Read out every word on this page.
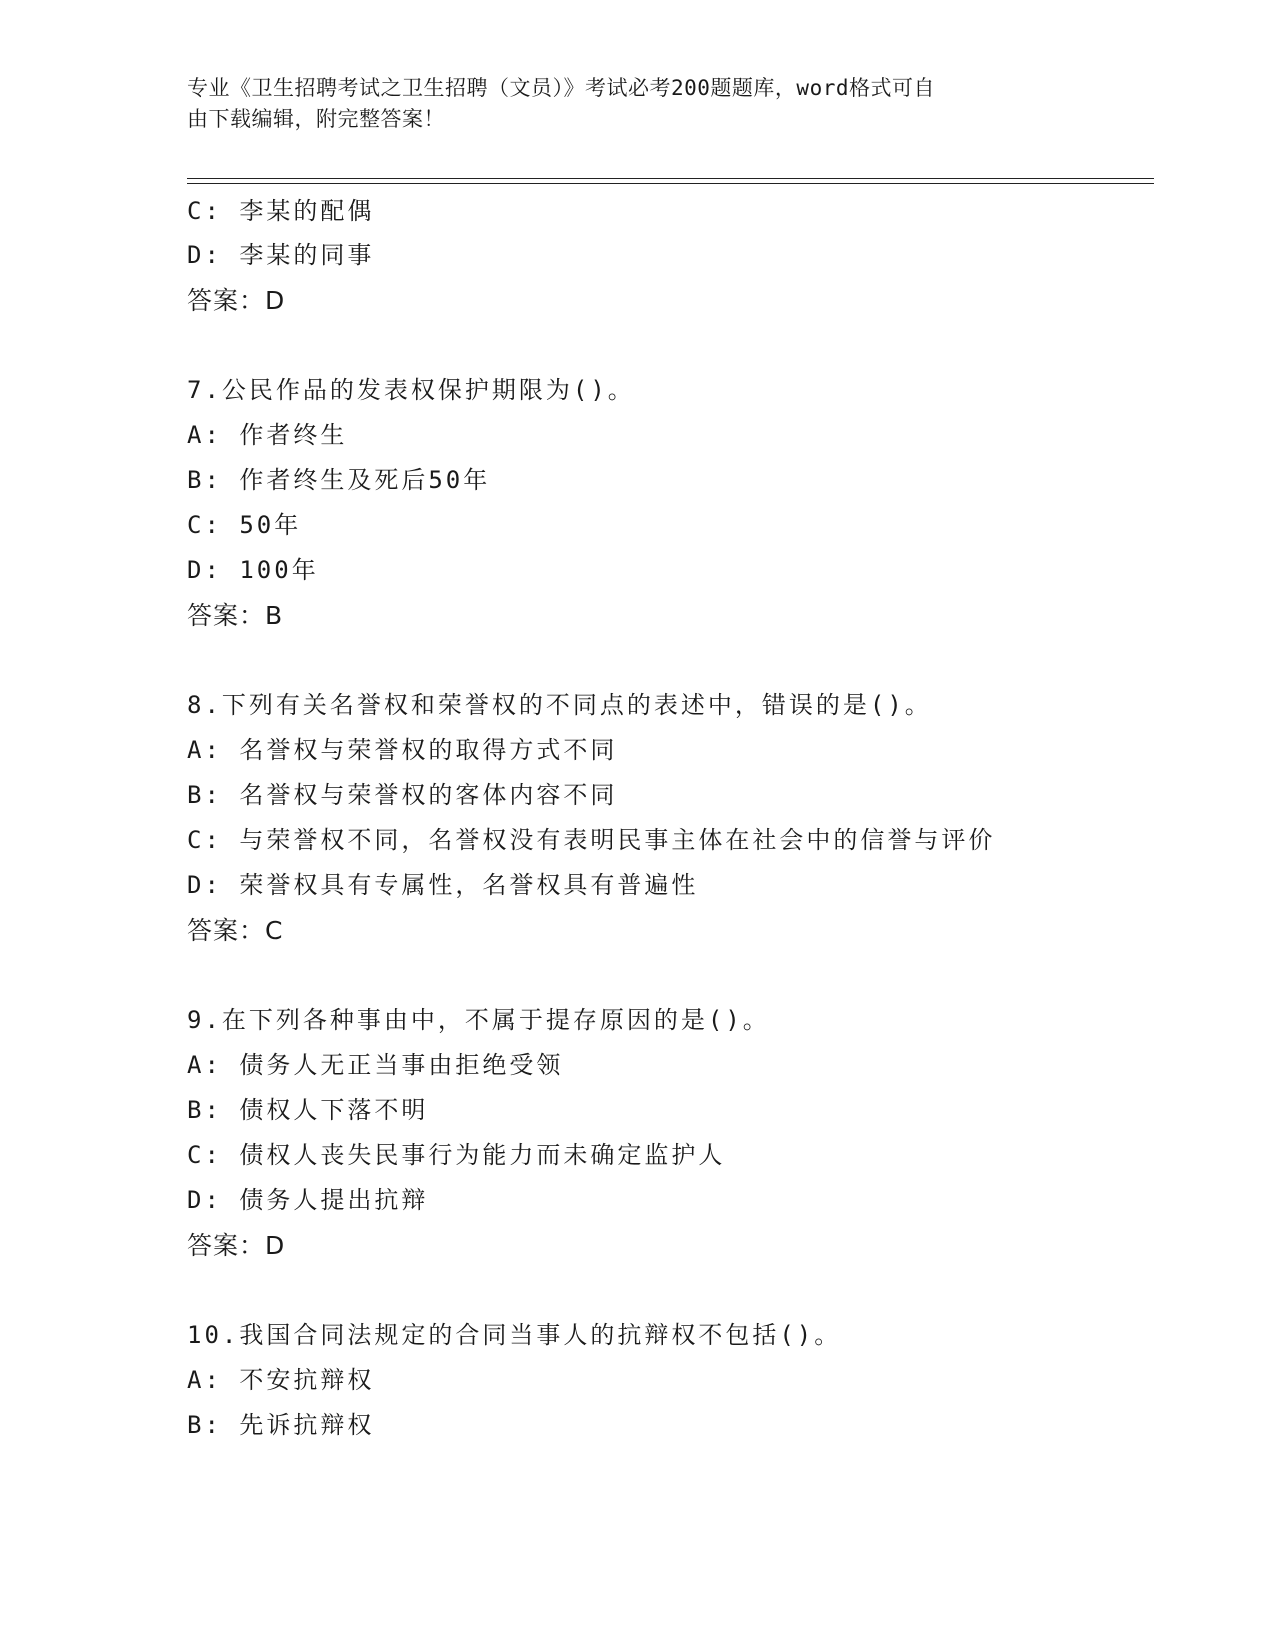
专业《卫生招聘考试之卫生招聘（文员）》考试必考200题题库，word格式可自
由下载编辑，附完整答案！
C: 李某的配偶
D: 李某的同事
答案：D
7.公民作品的发表权保护期限为()。
A: 作者终生
B: 作者终生及死后50年
C: 50年
D: 100年
答案：B
8.下列有关名誉权和荣誉权的不同点的表述中，错误的是()。
A: 名誉权与荣誉权的取得方式不同
B: 名誉权与荣誉权的客体内容不同
C: 与荣誉权不同，名誉权没有表明民事主体在社会中的信誉与评价
D: 荣誉权具有专属性，名誉权具有普遍性
答案：C
9.在下列各种事由中，不属于提存原因的是()。
A: 债务人无正当事由拒绝受领
B: 债权人下落不明
C: 债权人丧失民事行为能力而未确定监护人
D: 债务人提出抗辩
答案：D
10.我国合同法规定的合同当事人的抗辩权不包括()。
A: 不安抗辩权
B: 先诉抗辩权
